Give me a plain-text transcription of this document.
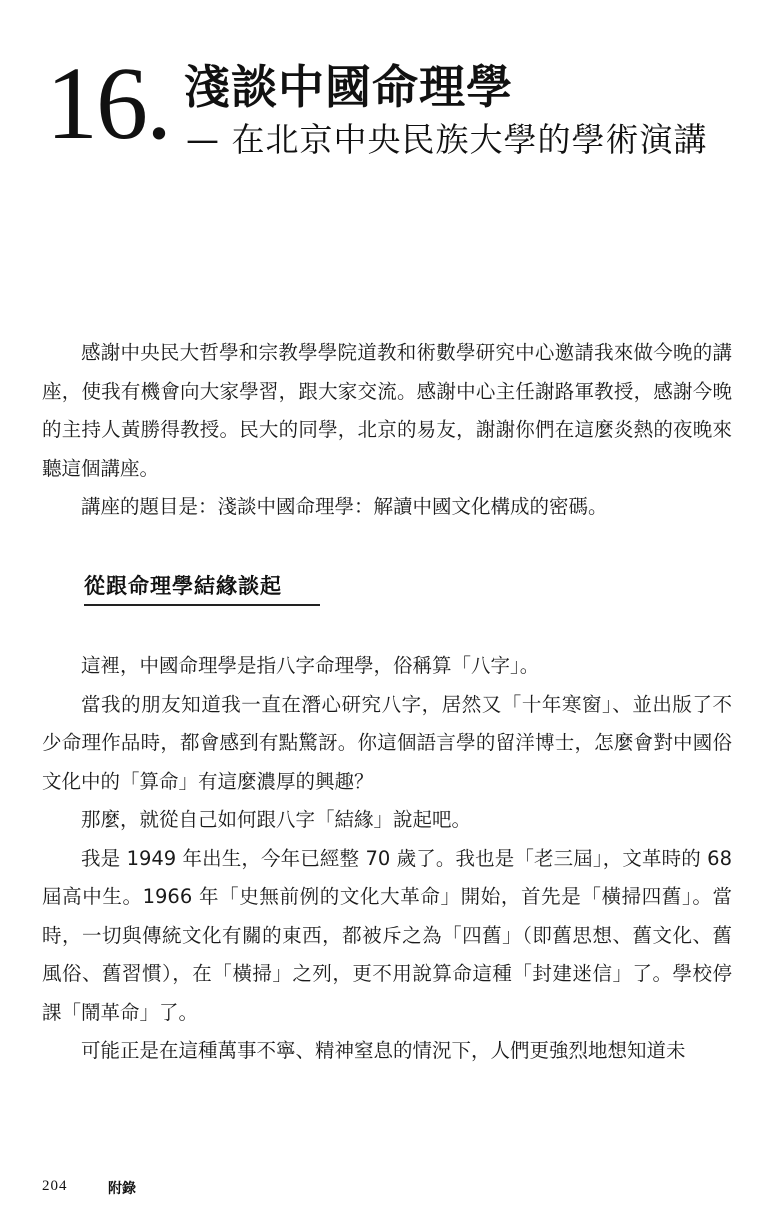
16. 淺談中國命理學
— 在北京中央民族大學的學術演講

感謝中央民大哲學和宗教學學院道教和術數學研究中心邀請我來做今晚的講座，使我有機會向大家學習，跟大家交流。感謝中心主任謝路軍教授，感謝今晚的主持人黃勝得教授。民大的同學，北京的易友，謝謝你們在這麼炎熱的夜晚來聽這個講座。

講座的題目是：淺談中國命理學：解讀中國文化構成的密碼。

從跟命理學結緣談起

這裡，中國命理學是指八字命理學，俗稱算「八字」。

當我的朋友知道我一直在潛心研究八字，居然又「十年寒窗」、並出版了不少命理作品時，都會感到有點驚訝。你這個語言學的留洋博士，怎麼會對中國俗文化中的「算命」有這麼濃厚的興趣？

那麼，就從自己如何跟八字「結緣」說起吧。

我是 1949 年出生，今年已經整 70 歲了。我也是「老三屆」，文革時的 68 屆高中生。1966 年「史無前例的文化大革命」開始，首先是「橫掃四舊」。當時，一切與傳統文化有關的東西，都被斥之為「四舊」（即舊思想、舊文化、舊風俗、舊習慣），在「橫掃」之列，更不用說算命這種「封建迷信」了。學校停課「鬧革命」了。

可能正是在這種萬事不寧、精神窒息的情況下，人們更強烈地想知道未

204	附錄
